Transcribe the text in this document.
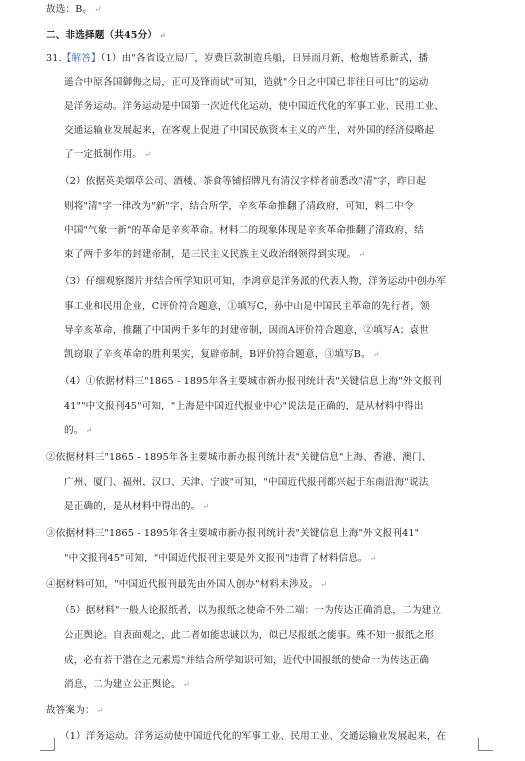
故选：B。 ↵
二、非选择题（共45分） ↵
31.【解答】（1）由"各省设立局厂，岁费巨款制造兵船，日异而月新，枪炮皆系新式，播
遥合中原各国御侮之局，正可及锋而试"可知，造就"今日之中国已非往日可比"的运动
是洋务运动。洋务运动是中国第一次近代化运动，使中国近代化的军事工业、民用工业、
交通运输业发展起来，在客观上促进了中国民族资本主义的产生，对外国的经济侵略起
了一定抵制作用。 ↵
（2）依据英美烟草公司、酒楼、茶食等铺招牌凡有清汉字样者前悉改"清"字，昨日起
则将"清"字一律改为"新"字，结合所学，辛亥革命推翻了清政府，可知，料二中令
中国"气象一新"的革命是辛亥革命。材料二的现象体现是辛亥革命推翻了清政府，结
束了两千多年的封建帝制，是三民主义民族主义政治纲领得到实现。 ↵
（3）仔细观察图片并结合所学知识可知，李鸿章是洋务派的代表人物，洋务运动中创办军
事工业和民用企业，C评价符合题意，①填写C，孙中山是中国民主革命的先行者，领
导辛亥革命，推翻了中国两千多年的封建帝制，因而A评价符合题意，②填写A；袁世
凯窃取了辛亥革命的胜利果实，复辟帝制，B评价符合题意，③填写B。 ↵
（4）①依据材料三"1865 - 1895年各主要城市新办报刊统计表"关键信息上海"外文报刊
41""中文报刊45"可知，"上海是中国近代报业中心"说法是正确的，是从材料中得出
的。 ↵
②依据材料三"1865 - 1895年各主要城市新办报刊统计表"关键信息"上海、香港、澳门、
广州、厦门、福州、汉口、天津、宁波"可知，"中国近代报刊都兴起于东南沿海"说法
是正确的，是从材料中得出的。 ↵
③依据材料三"1865 - 1895年各主要城市新办报刊统计表"关键信息上海"外文报刊41"
"中文报刊45"可知，"中国近代报刊主要是外文报刊"违背了材料信息。 ↵
④据材料可知，"中国近代报刊最先由外国人创办"材料未涉及。 ↵
（5）据材料"一般人论报纸者，以为报纸之使命不外二端：一为传达正确消息，二为建立
公正舆论。自表面观之，此二者如能忠诚以为，似已尽报纸之能事。殊不知一报纸之形
成，必有若干潜在之元素焉"并结合所学知识可知，近代中国报纸的使命一为传达正确
消息，二为建立公正舆论。 ↵
故答案为： ↵
（1）洋务运动。洋务运动使中国近代化的军事工业、民用工业、交通运输业发展起来，在
